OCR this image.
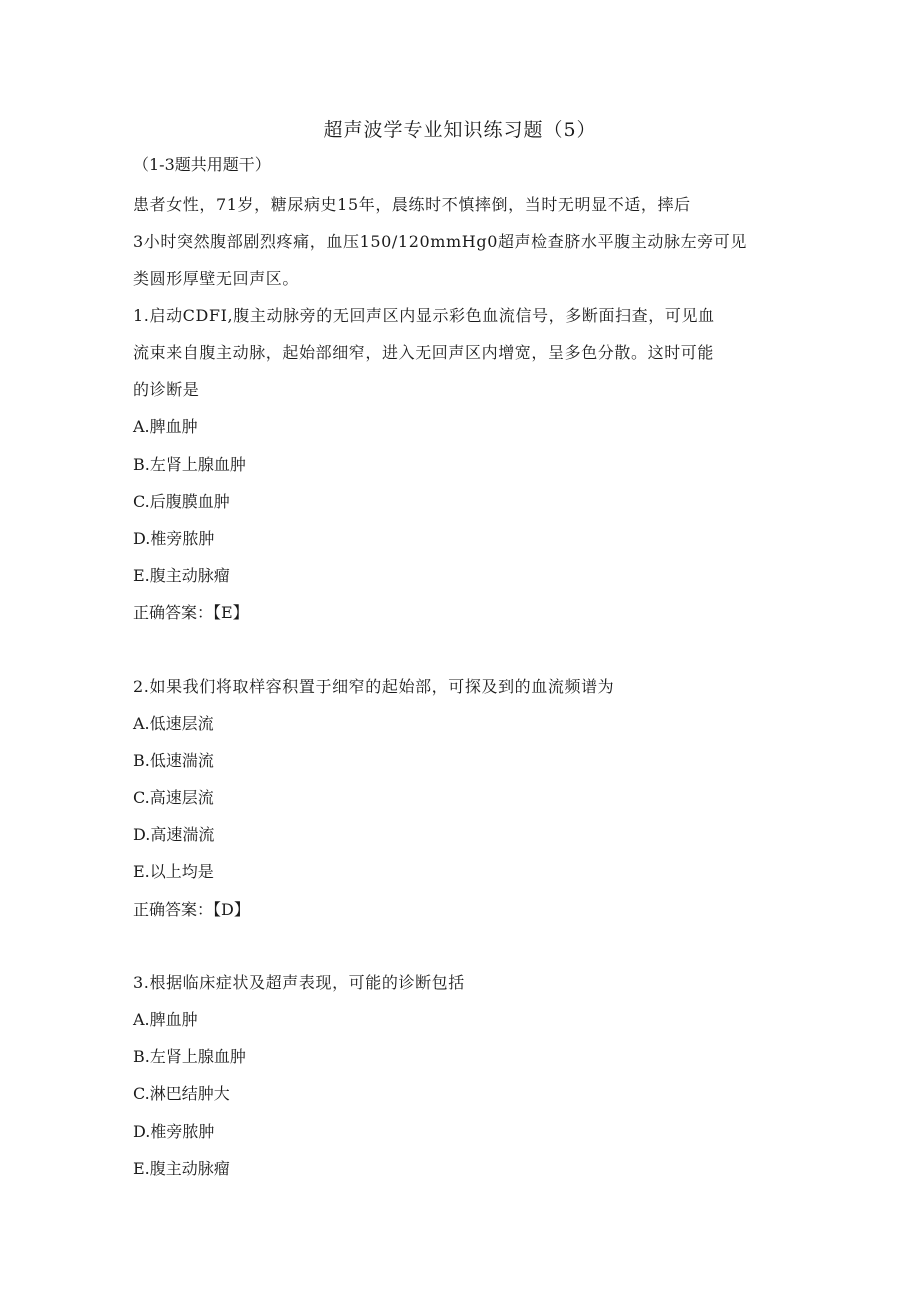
超声波学专业知识练习题（5）
（1-3题共用题干）
患者女性，71岁，糖尿病史15年，晨练时不慎摔倒，当时无明显不适，摔后
3小时突然腹部剧烈疼痛，血压150/120mmHg0超声检查脐水平腹主动脉左旁可见
类圆形厚壁无回声区。
1.启动CDFI,腹主动脉旁的无回声区内显示彩色血流信号，多断面扫查，可见血
流束来自腹主动脉，起始部细窄，进入无回声区内增宽，呈多色分散。这时可能
的诊断是
A.脾血肿
B.左肾上腺血肿
C.后腹膜血肿
D.椎旁脓肿
E.腹主动脉瘤
正确答案：【E】
2.如果我们将取样容积置于细窄的起始部，可探及到的血流频谱为
A.低速层流
B.低速湍流
C.高速层流
D.高速湍流
E.以上均是
正确答案：【D】
3.根据临床症状及超声表现，可能的诊断包括
A.脾血肿
B.左肾上腺血肿
C.淋巴结肿大
D.椎旁脓肿
E.腹主动脉瘤
